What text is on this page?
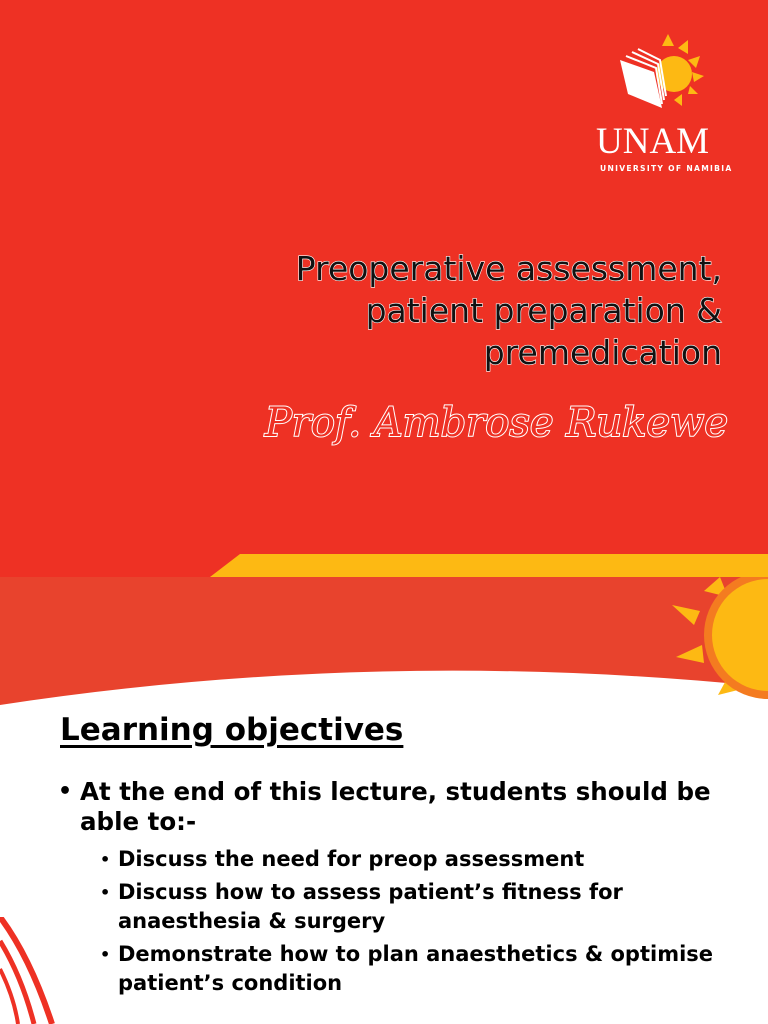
UNAM
UNIVERSITY OF NAMIBIA
Preoperative assessment,
patient preparation &
premedication
Prof. Ambrose Rukewe
Learning objectives
• At the end of this lecture, students should be able to:-
• Discuss the need for preop assessment
• Discuss how to assess patient’s fitness for anaesthesia & surgery
• Demonstrate how to plan anaesthetics & optimise patient’s condition
